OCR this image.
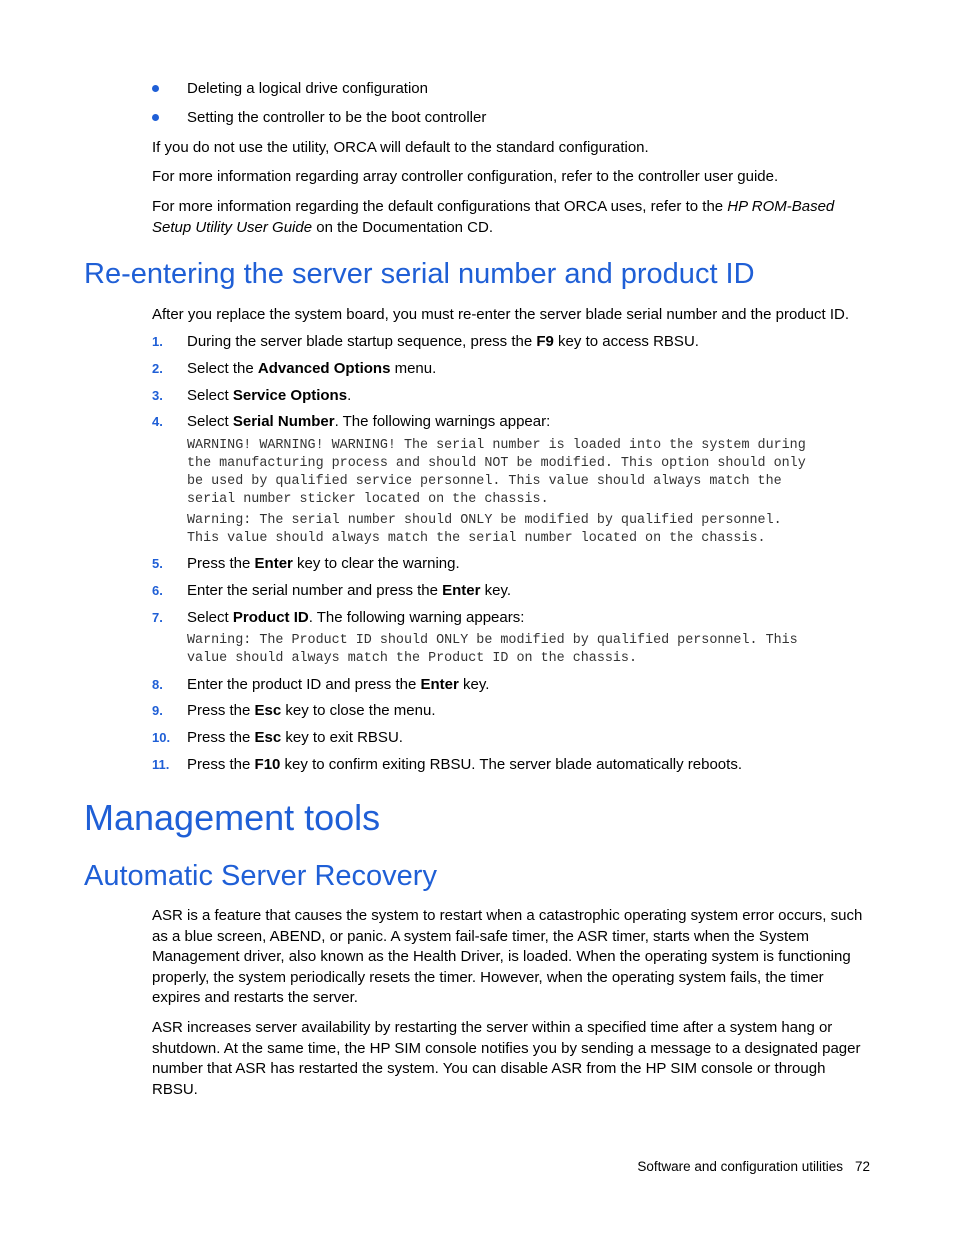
Deleting a logical drive configuration
Setting the controller to be the boot controller
If you do not use the utility, ORCA will default to the standard configuration.
For more information regarding array controller configuration, refer to the controller user guide.
For more information regarding the default configurations that ORCA uses, refer to the HP ROM-Based Setup Utility User Guide on the Documentation CD.
Re-entering the server serial number and product ID
After you replace the system board, you must re-enter the server blade serial number and the product ID.
1. During the server blade startup sequence, press the F9 key to access RBSU.
2. Select the Advanced Options menu.
3. Select Service Options.
4. Select Serial Number. The following warnings appear:
WARNING! WARNING! WARNING! The serial number is loaded into the system during
the manufacturing process and should NOT be modified. This option should only
be used by qualified service personnel. This value should always match the
serial number sticker located on the chassis.
Warning: The serial number should ONLY be modified by qualified personnel.
This value should always match the serial number located on the chassis.
5. Press the Enter key to clear the warning.
6. Enter the serial number and press the Enter key.
7. Select Product ID. The following warning appears:
Warning: The Product ID should ONLY be modified by qualified personnel. This
value should always match the Product ID on the chassis.
8. Enter the product ID and press the Enter key.
9. Press the Esc key to close the menu.
10. Press the Esc key to exit RBSU.
11. Press the F10 key to confirm exiting RBSU. The server blade automatically reboots.
Management tools
Automatic Server Recovery
ASR is a feature that causes the system to restart when a catastrophic operating system error occurs, such as a blue screen, ABEND, or panic. A system fail-safe timer, the ASR timer, starts when the System Management driver, also known as the Health Driver, is loaded. When the operating system is functioning properly, the system periodically resets the timer. However, when the operating system fails, the timer expires and restarts the server.
ASR increases server availability by restarting the server within a specified time after a system hang or shutdown. At the same time, the HP SIM console notifies you by sending a message to a designated pager number that ASR has restarted the system. You can disable ASR from the HP SIM console or through RBSU.
Software and configuration utilities 72
